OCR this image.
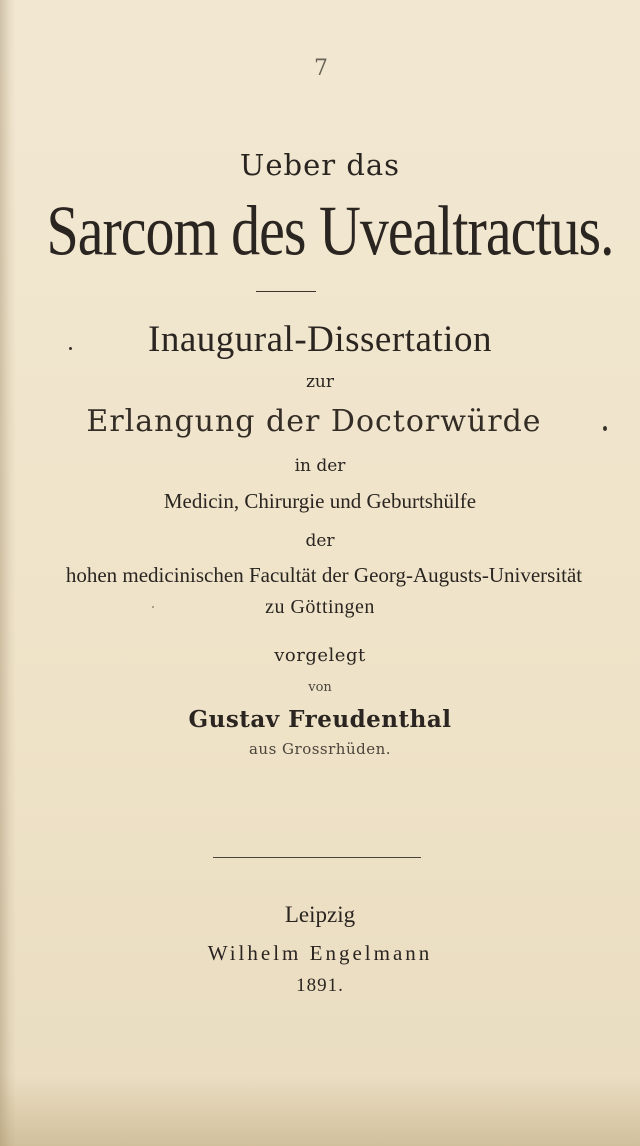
7
Ueber das
Sarcom des Uvealtractus.
Inaugural-Dissertation
zur
Erlangung der Doctorwürde
in der
Medicin, Chirurgie und Geburtshülfe
der
hohen medicinischen Facultät der Georg-Augusts-Universität
zu Göttingen
vorgelegt
von
Gustav Freudenthal
aus Grossrhüden.
Leipzig
Wilhelm Engelmann
1891.
